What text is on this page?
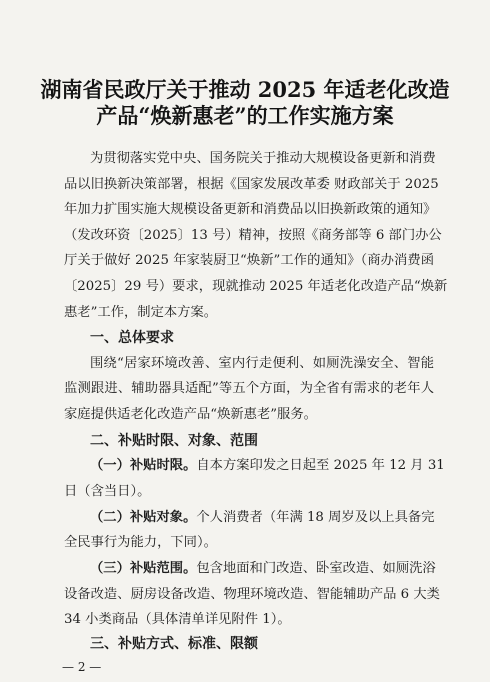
湖南省民政厅关于推动 2025 年适老化改造
产品“焕新惠老”的工作实施方案
为贯彻落实党中央、国务院关于推动大规模设备更新和消费
品以旧换新决策部署，根据《国家发展改革委 财政部关于 2025
年加力扩围实施大规模设备更新和消费品以旧换新政策的通知》
（发改环资〔2025〕13 号）精神，按照《商务部等 6 部门办公
厅关于做好 2025 年家装厨卫“焕新”工作的通知》（商办消费函
〔2025〕29 号）要求，现就推动 2025 年适老化改造产品“焕新
惠老”工作，制定本方案。
一、总体要求
围绕“居家环境改善、室内行走便利、如厕洗澡安全、智能
监测跟进、辅助器具适配”等五个方面，为全省有需求的老年人
家庭提供适老化改造产品“焕新惠老”服务。
二、补贴时限、对象、范围
（一）补贴时限。自本方案印发之日起至 2025 年 12 月 31
日（含当日）。
（二）补贴对象。个人消费者（年满 18 周岁及以上具备完
全民事行为能力，下同）。
（三）补贴范围。包含地面和门改造、卧室改造、如厕洗浴
设备改造、厨房设备改造、物理环境改造、智能辅助产品 6 大类
34 小类商品（具体清单详见附件 1）。
三、补贴方式、标准、限额
— 2 —
